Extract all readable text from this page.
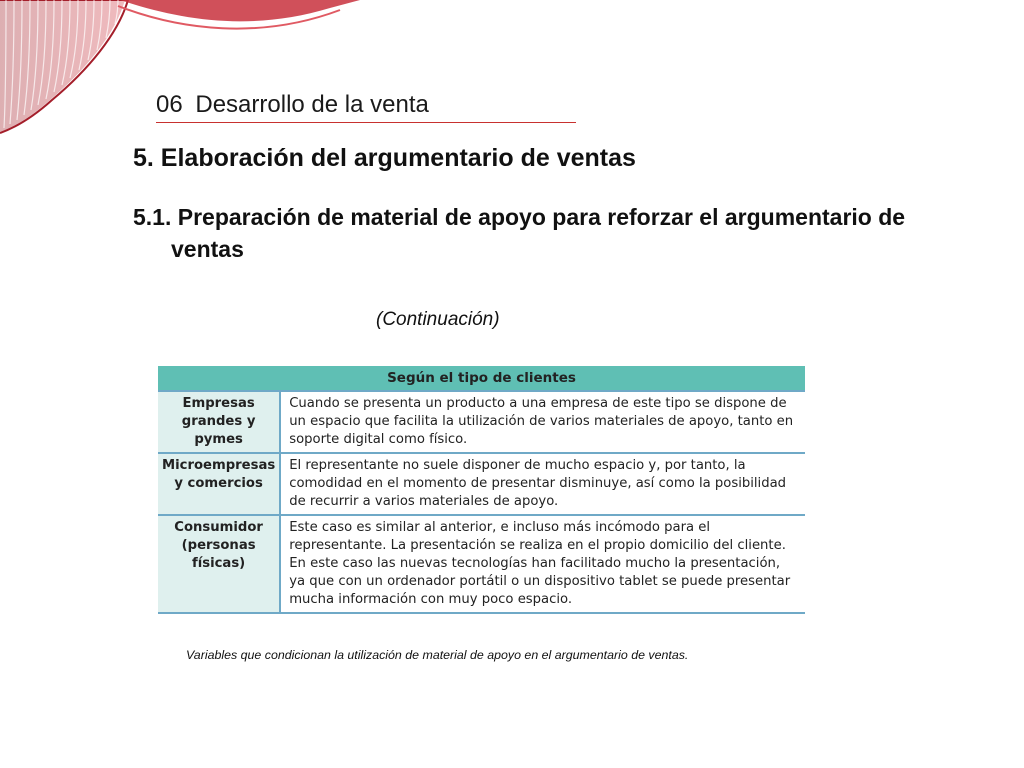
06 Desarrollo de la venta
5. Elaboración del argumentario de ventas
5.1. Preparación de material de apoyo para reforzar el argumentario de ventas
(Continuación)
Según el tipo de clientes	
Empresas grandes y pymes	Cuando se presenta un producto a una empresa de este tipo se dispone de un espacio que facilita la utilización de varios materiales de apoyo, tanto en soporte digital como físico.
Microempresas y comercios	El representante no suele disponer de mucho espacio y, por tanto, la comodidad en el momento de presentar disminuye, así como la posibilidad de recurrir a varios materiales de apoyo.
Consumidor (personas físicas)	Este caso es similar al anterior, e incluso más incómodo para el representante. La presentación se realiza en el propio domicilio del cliente. En este caso las nuevas tecnologías han facilitado mucho la presentación, ya que con un ordenador portátil o un dispositivo tablet se puede presentar mucha información con muy poco espacio.
Variables que condicionan la utilización de material de apoyo en el argumentario de ventas.
